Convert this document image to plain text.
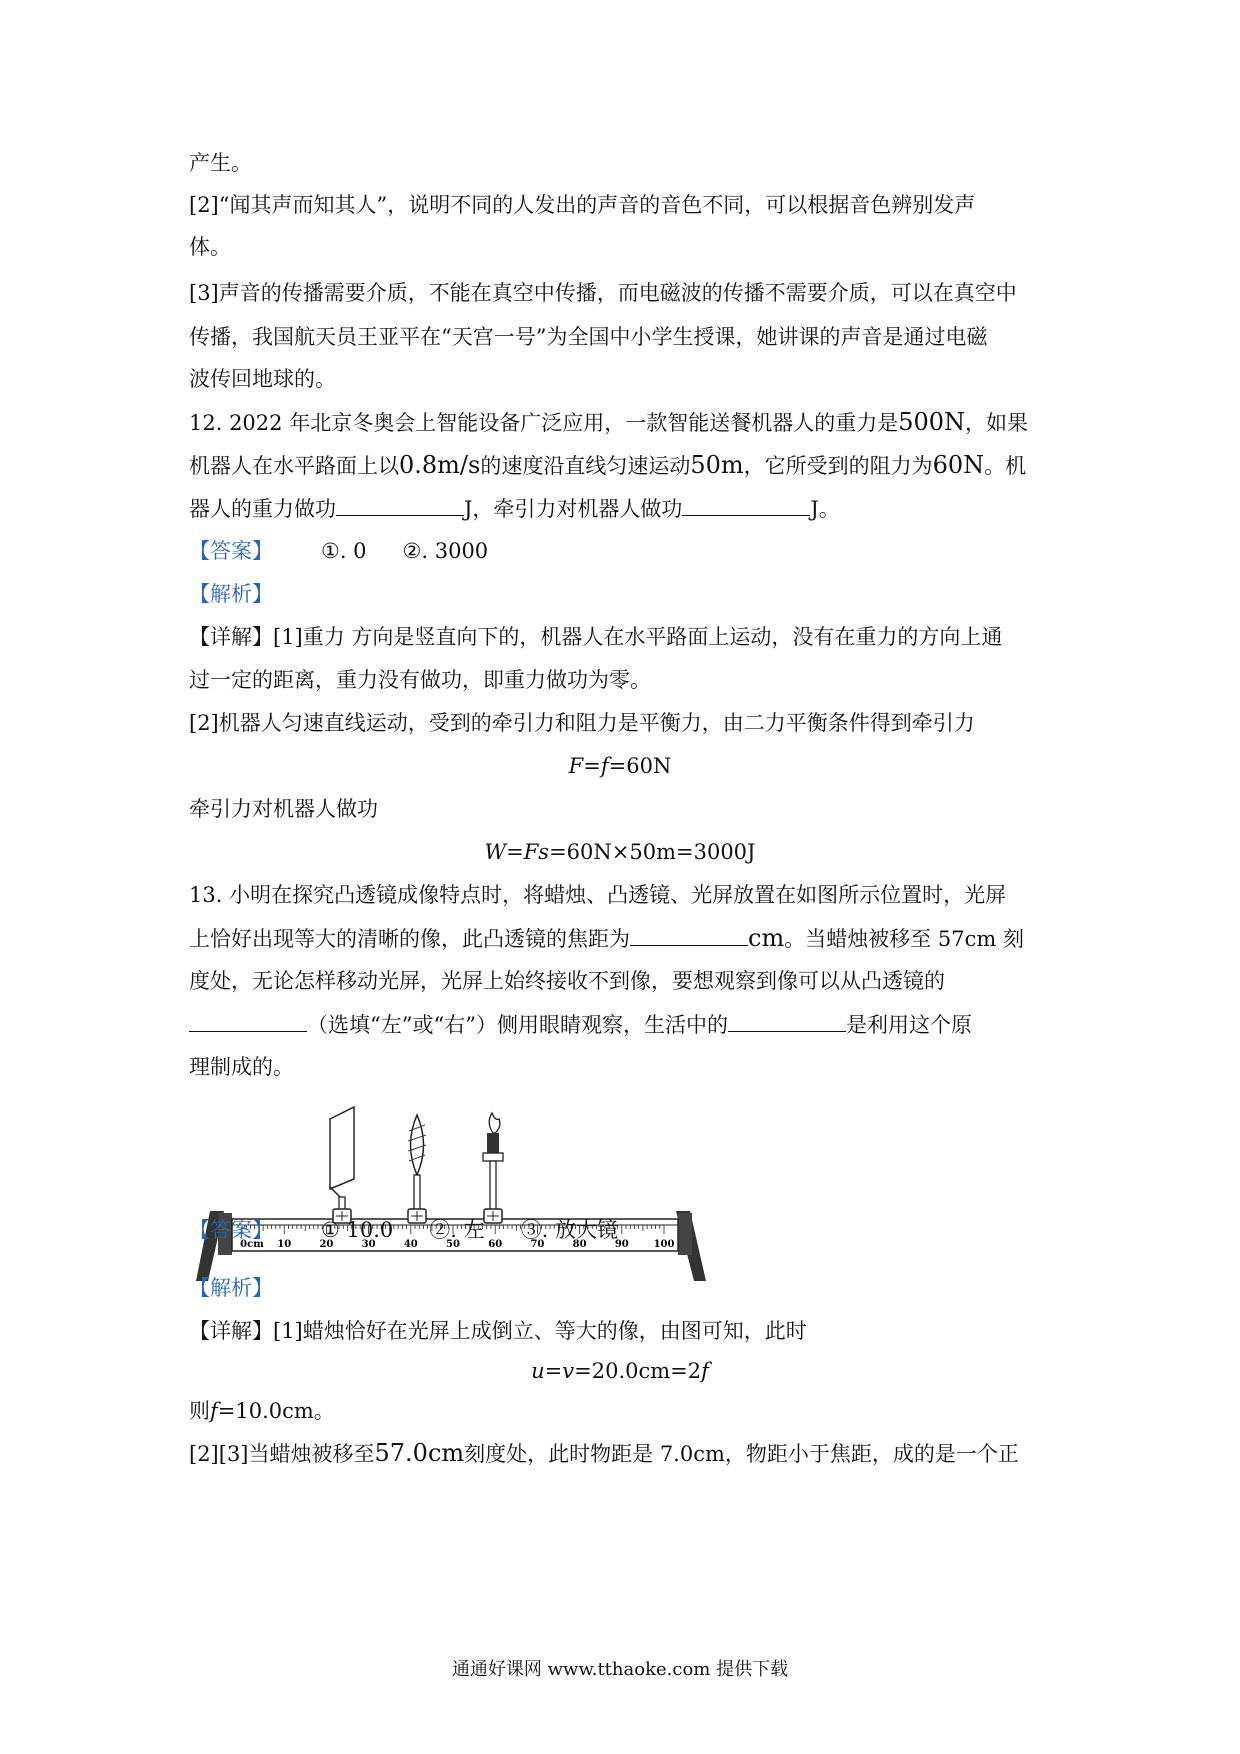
产生。
[2]“闻其声而知其人”，说明不同的人发出的声音的音色不同，可以根据音色辨别发声
体。
[3]声音的传播需要介质，不能在真空中传播，而电磁波的传播不需要介质，可以在真空中
传播，我国航天员王亚平在“天宫一号”为全国中小学生授课，她讲课的声音是通过电磁
波传回地球的。
12. 2022 年北京冬奥会上智能设备广泛应用，一款智能送餐机器人的重力是500N，如果
机器人在水平路面上以0.8m/s的速度沿直线匀速运动50m，它所受到的阻力为60N。机
器人的重力做功	J，牵引力对机器人做功	J。
【答案】 ①. 0 ②. 3000
【解析】
【详解】[1]重力 方向是竖直向下的，机器人在水平路面上运动，没有在重力的方向上通
过一定的距离，重力没有做功，即重力做功为零。
[2]机器人匀速直线运动，受到的牵引力和阻力是平衡力，由二力平衡条件得到牵引力
F=f=60N
牵引力对机器人做功
W=Fs=60N×50m=3000J
13. 小明在探究凸透镜成像特点时，将蜡烛、凸透镜、光屏放置在如图所示位置时，光屏
上恰好出现等大的清晰的像，此凸透镜的焦距为	cm。当蜡烛被移至 57cm 刻
度处，无论怎样移动光屏，光屏上始终接收不到像，要想观察到像可以从凸透镜的
（选填“左”或“右”）侧用眼睛观察，生活中的	是利用这个原
理制成的。
0cm 10	20	30	40	50	60	70	80	90 100
【答案】 ① 10.0 ②. 左 ③. 放大镜
【解析】
【详解】[1]蜡烛恰好在光屏上成倒立、等大的像，由图可知，此时
u=v=20.0cm=2f
则f=10.0cm。
[2][3]当蜡烛被移至57.0cm刻度处，此时物距是 7.0cm，物距小于焦距，成的是一个正
通通好课网 www.tthaoke.com 提供下载
